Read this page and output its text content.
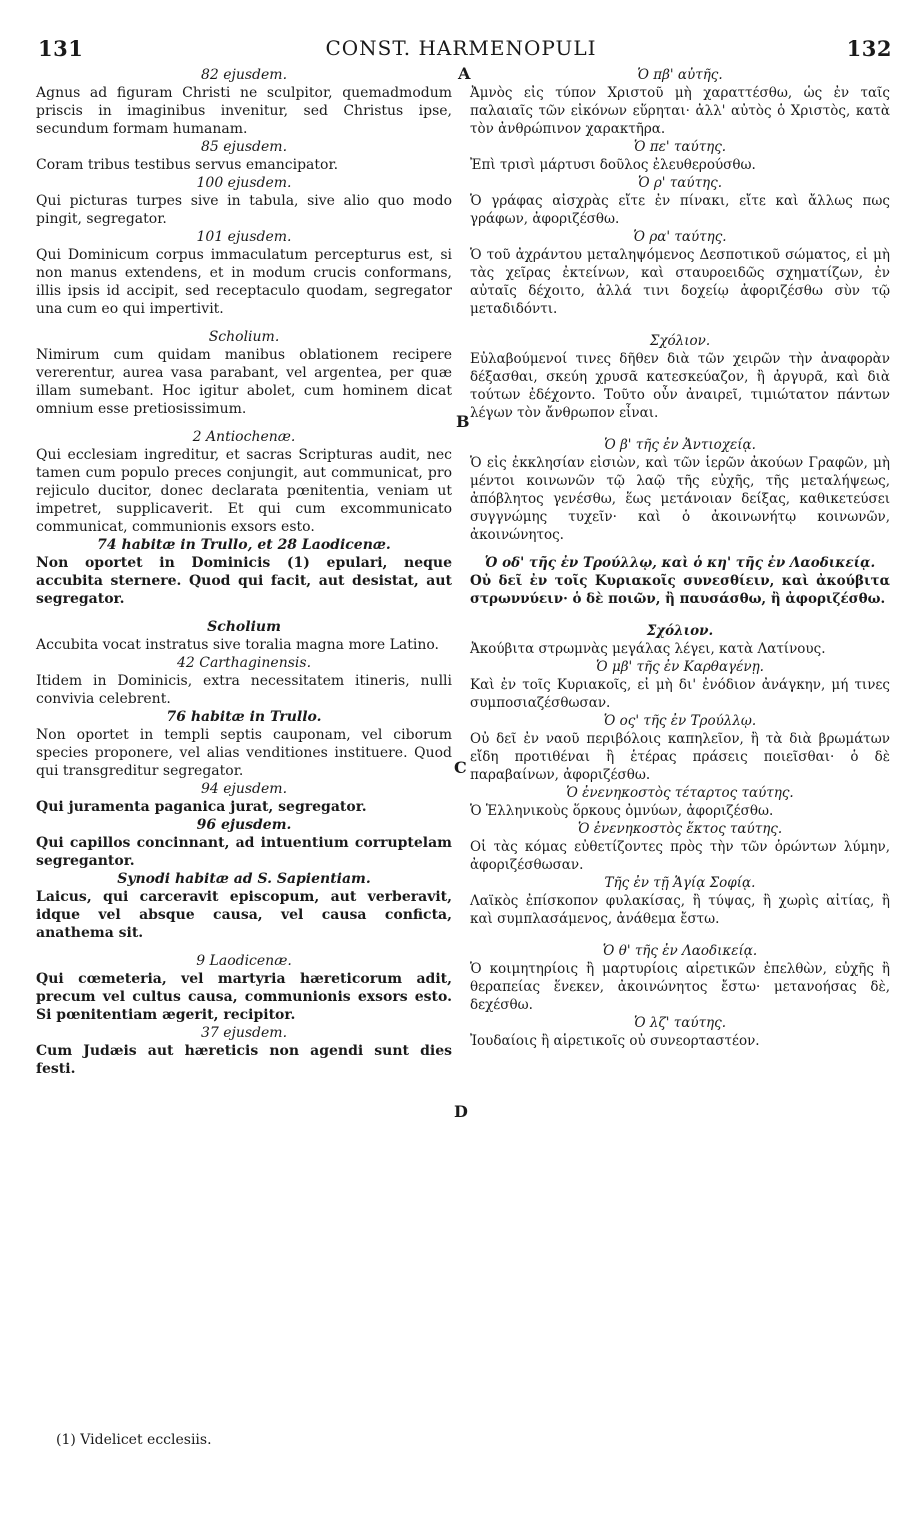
CONST. HARMENOPULI
131	132
A
B
C
D
82 ejusdem.
Agnus ad figuram Christi ne sculpitor, quemadmodum priscis in imaginibus invenitur, sed Christus ipse, secundum formam humanam.
85 ejusdem.
Coram tribus testibus servus emancipator.
100 ejusdem.
Qui picturas turpes sive in tabula, sive alio quo modo pingit, segregator.
101 ejusdem.
Qui Dominicum corpus immaculatum percepturus est, si non manus extendens, et in modum crucis conformans, illis ipsis id accipit, sed receptaculo quodam, segregator una cum eo qui impertivit.
Scholium.
Nimirum cum quidam manibus oblationem recipere vererentur, aurea vasa parabant, vel argentea, per quæ illam sumebant. Hoc igitur abolet, cum hominem dicat omnium esse pretiosissimum.
2 Antiochenæ.
Qui ecclesiam ingreditur, et sacras Scripturas audit, nec tamen cum populo preces conjungit, aut communicat, pro rejiculo ducitor, donec declarata pœnitentia, veniam ut impetret, supplicaverit. Et qui cum excommunicato communicat, communionis exsors esto.
74 habitæ in Trullo, et 28 Laodicenæ.
Non oportet in Dominicis (1) epulari, neque accubita sternere. Quod qui facit, aut desistat, aut segregator.
Scholium
Accubita vocat instratus sive toralia magna more Latino.
42 Carthaginensis.
Itidem in Dominicis, extra necessitatem itineris, nulli convivia celebrent.
76 habitæ in Trullo.
Non oportet in templi septis cauponam, vel ciborum species proponere, vel alias venditiones instituere. Quod qui transgreditur segregator.
94 ejusdem.
Qui juramenta paganica jurat, segregator.
96 ejusdem.
Qui capillos concinnant, ad intuentium corruptelam segregantor.
Synodi habitæ ad S. Sapientiam.
Laicus, qui carceravit episcopum, aut verberavit, idque vel absque causa, vel causa conficta, anathema sit.
9 Laodicenæ.
Qui cœmeteria, vel martyria hæreticorum adit, precum vel cultus causa, communionis exsors esto. Si pœnitentiam ægerit, recipitor.
37 ejusdem.
Cum Judæis aut hæreticis non agendi sunt dies festi.
Ὁ πβ' αὐτῆς.
Ἀμνὸς εἰς τύπον Χριστοῦ μὴ χαραττέσθω, ὡς ἐν ταῖς παλαιαῖς τῶν εἰκόνων εὕρηται· ἀλλ' αὐτὸς ὁ Χριστὸς, κατὰ τὸν ἀνθρώπινον χαρακτῆρα.
Ὁ πε' ταύτης.
Ἐπὶ τρισὶ μάρτυσι δοῦλος ἐλευθερούσθω.
Ὁ ρ' ταύτης.
Ὁ γράφας αἰσχρὰς εἴτε ἐν πίνακι, εἴτε καὶ ἄλλως πως γράφων, ἀφοριζέσθω.
Ὁ ρα' ταύτης.
Ὁ τοῦ ἀχράντου μεταληψόμενος Δεσποτικοῦ σώματος, εἰ μὴ τὰς χεῖρας ἐκτείνων, καὶ σταυροειδῶς σχηματίζων, ἐν αὐταῖς δέχοιτο, ἀλλά τινι δοχείῳ ἀφοριζέσθω σὺν τῷ μεταδιδόντι.
Σχόλιον.
Εὐλαβούμενοί τινες δῆθεν διὰ τῶν χειρῶν τὴν ἀναφορὰν δέξασθαι, σκεύη χρυσᾶ κατεσκεύαζον, ἢ ἀργυρᾶ, καὶ διὰ τούτων ἐδέχοντο. Τοῦτο οὖν ἀναιρεῖ, τιμιώτατον πάντων λέγων τὸν ἄνθρωπον εἶναι.
Ὁ β' τῆς ἐν Ἀντιοχείᾳ.
Ὁ εἰς ἐκκλησίαν εἰσιὼν, καὶ τῶν ἱερῶν ἀκούων Γραφῶν, μὴ μέντοι κοινωνῶν τῷ λαῷ τῆς εὐχῆς, τῆς μεταλήψεως, ἀπόβλητος γενέσθω, ἕως μετάνοιαν δείξας, καθικετεύσει συγγνώμης τυχεῖν· καὶ ὁ ἀκοινωνήτῳ κοινωνῶν, ἀκοινώνητος.
Ὁ οδ' τῆς ἐν Τρούλλῳ, καὶ ὁ κη' τῆς ἐν Λαοδικείᾳ.
Οὐ δεῖ ἐν τοῖς Κυριακοῖς συνεσθίειν, καὶ ἀκούβιτα στρωννύειν· ὁ δὲ ποιῶν, ἢ παυσάσθω, ἢ ἀφοριζέσθω.
Σχόλιον.
Ἀκούβιτα στρωμνὰς μεγάλας λέγει, κατὰ Λατίνους.
Ὁ μβ' τῆς ἐν Καρθαγένῃ.
Καὶ ἐν τοῖς Κυριακοῖς, εἰ μὴ δι' ἐνόδιον ἀνάγκην, μή τινες συμποσιαζέσθωσαν.
Ὁ ος' τῆς ἐν Τρούλλῳ.
Οὐ δεῖ ἐν ναοῦ περιβόλοις καπηλεῖον, ἢ τὰ διὰ βρωμάτων εἴδη προτιθέναι ἢ ἑτέρας πράσεις ποιεῖσθαι· ὁ δὲ παραβαίνων, ἀφοριζέσθω.
Ὁ ἐνενηκοστὸς τέταρτος ταύτης.
Ὁ Ἑλληνικοὺς ὅρκους ὀμνύων, ἀφοριζέσθω.
Ὁ ἐνενηκοστὸς ἕκτος ταύτης.
Οἱ τὰς κόμας εὐθετίζοντες πρὸς τὴν τῶν ὁρώντων λύμην, ἀφοριζέσθωσαν.
Τῆς ἐν τῇ Ἁγίᾳ Σοφίᾳ.
Λαϊκὸς ἐπίσκοπον φυλακίσας, ἢ τύψας, ἢ χωρὶς αἰτίας, ἢ καὶ συμπλασάμενος, ἀνάθεμα ἔστω.
Ὁ θ' τῆς ἐν Λαοδικείᾳ.
Ὁ κοιμητηρίοις ἢ μαρτυρίοις αἱρετικῶν ἐπελθὼν, εὐχῆς ἢ θεραπείας ἕνεκεν, ἀκοινώνητος ἔστω· μετανοήσας δὲ, δεχέσθω.
Ὁ λζ' ταύτης.
Ἰουδαίοις ἢ αἱρετικοῖς οὐ συνεορταστέον.
(1) Videlicet ecclesiis.
